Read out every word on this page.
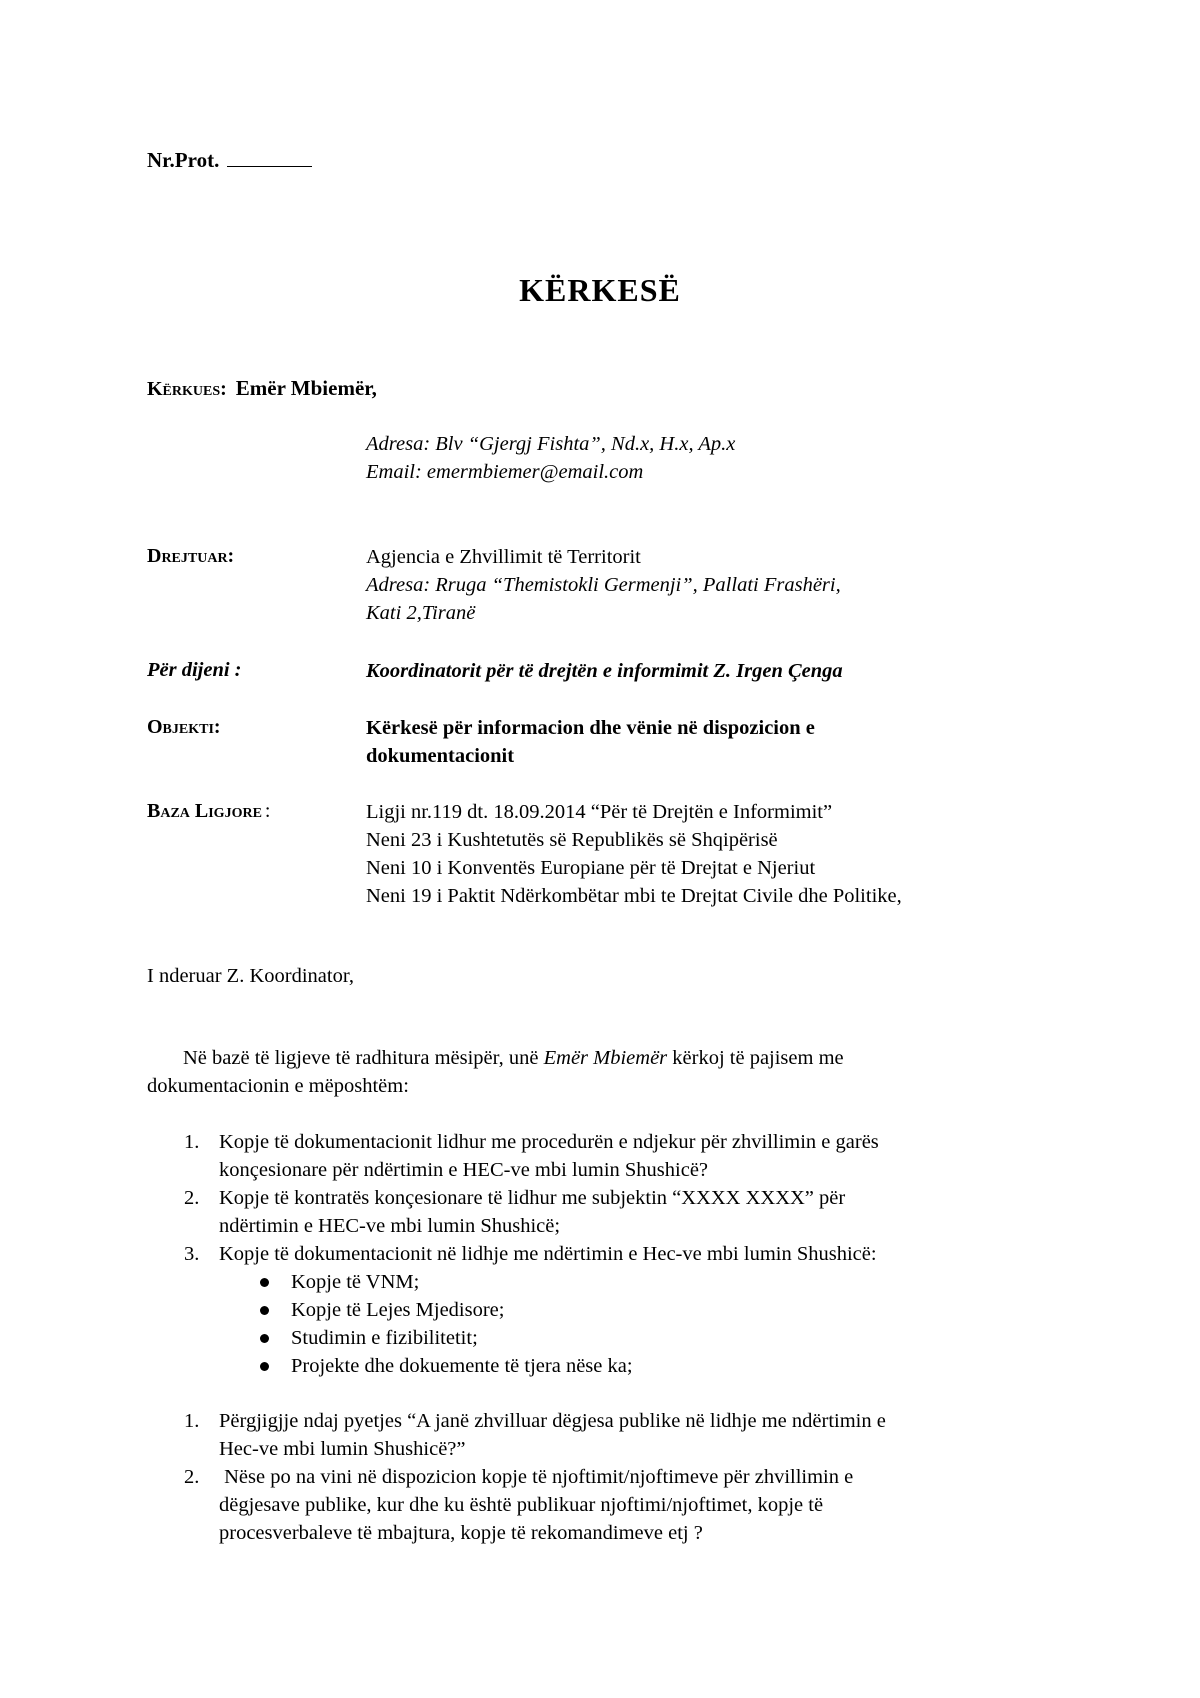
Nr.Prot.
KËRKESË
Kërkues: Emër Mbiemër,
Adresa: Blv “Gjergj Fishta”, Nd.x, H.x, Ap.x
Email: emermbiemer@email.com
Drejtuar:	Agjencia e Zhvillimit të Territorit
Adresa: Rruga “Themistokli Germenji”, Pallati Frashëri,
Kati 2,Tiranë
Për dijeni :	Koordinatorit për të drejtën e informimit Z. Irgen Çenga
Objekti:	Kërkesë për informacion dhe vënie në dispozicion e
dokumentacionit
Baza Ligjore :	Ligji nr.119 dt. 18.09.2014 “Për të Drejtën e Informimit”
Neni 23 i Kushtetutës së Republikës së Shqipërisë
Neni 10 i Konventës Europiane për të Drejtat e Njeriut
Neni 19 i Paktit Ndërkombëtar mbi te Drejtat Civile dhe Politike,
I nderuar Z. Koordinator,
Në bazë të ligjeve të radhitura mësipër, unë Emër Mbiemër kërkoj të pajisem me
dokumentacionin e mëposhtëm:
1. Kopje të dokumentacionit lidhur me procedurën e ndjekur për zhvillimin e garës
konçesionare për ndërtimin e HEC-ve mbi lumin Shushicë?
2. Kopje të kontratës konçesionare të lidhur me subjektin “XXXX XXXX” për
ndërtimin e HEC-ve mbi lumin Shushicë;
3. Kopje të dokumentacionit në lidhje me ndërtimin e Hec-ve mbi lumin Shushicë:
Kopje të VNM;
Kopje të Lejes Mjedisore;
Studimin e fizibilitetit;
Projekte dhe dokuemente të tjera nëse ka;
1. Përgjigjje ndaj pyetjes “A janë zhvilluar dëgjesa publike në lidhje me ndërtimin e
Hec-ve mbi lumin Shushicë?”
2. Nëse po na vini në dispozicion kopje të njoftimit/njoftimeve për zhvillimin e
dëgjesave publike, kur dhe ku është publikuar njoftimi/njoftimet, kopje të
procesverbaleve të mbajtura, kopje të rekomandimeve etj ?
